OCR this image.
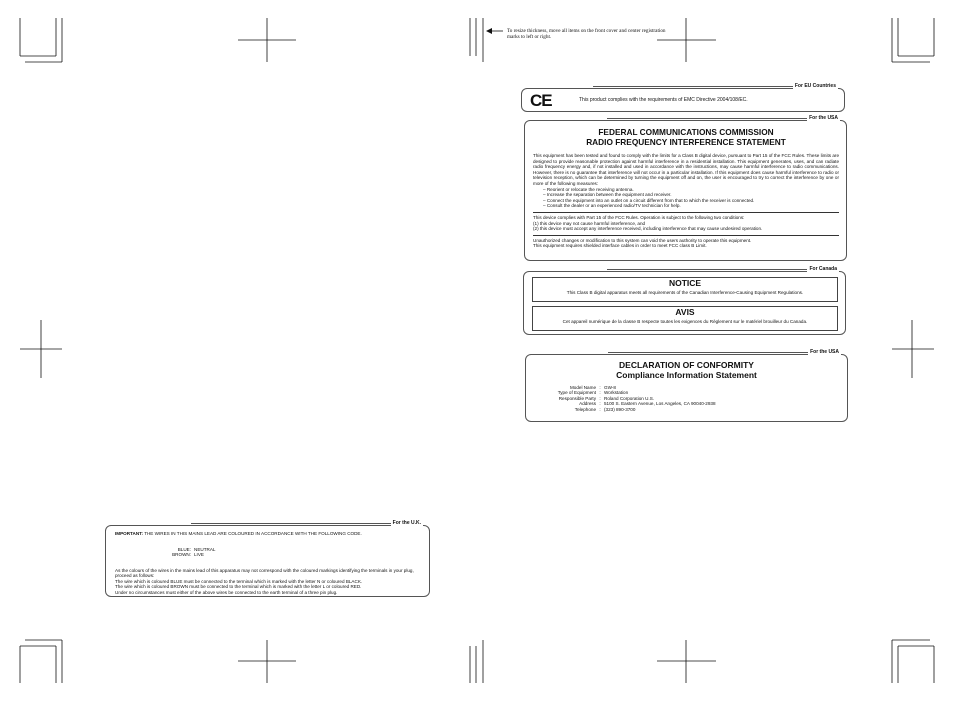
To resize thickness, move all items on the front cover and center registration marks to left or right.
For EU Countries
CE	This product complies with the requirements of EMC Directive 2004/108/EC.
For the USA
FEDERAL COMMUNICATIONS COMMISSION
RADIO FREQUENCY INTERFERENCE STATEMENT
This equipment has been tested and found to comply with the limits for a Class B digital device, pursuant to Part 15 of the FCC Rules. These limits are designed to provide reasonable protection against harmful interference in a residential installation. This equipment generates, uses, and can radiate radio frequency energy and, if not installed and used in accordance with the instructions, may cause harmful interference to radio communications. However, there is no guarantee that interference will not occur in a particular installation. If this equipment does cause harmful interference to radio or television reception, which can be determined by turning the equipment off and on, the user is encouraged to try to correct the interference by one or more of the following measures:
– Reorient or relocate the receiving antenna.
– Increase the separation between the equipment and receiver.
– Connect the equipment into an outlet on a circuit different from that to which the receiver is connected.
– Consult the dealer or an experienced radio/TV technician for help.
This device complies with Part 15 of the FCC Rules. Operation is subject to the following two conditions:
(1) this device may not cause harmful interference, and
(2) this device must accept any interference received, including interference that may cause undesired operation.
Unauthorized changes or modification to this system can void the users authority to operate this equipment.
This equipment requires shielded interface cables in order to meet FCC class B Limit.
For Canada
NOTICE
This Class B digital apparatus meets all requirements of the Canadian Interference-Causing Equipment Regulations.
AVIS
Cet appareil numérique de la classe B respecte toutes les exigences du Règlement sur le matériel brouilleur du Canada.
For the USA
DECLARATION OF CONFORMITY
Compliance Information Statement
Model Name : GW-8
Type of Equipment : Workstation
Responsible Party : Roland Corporation U.S.
Address : 5100 S. Eastern Avenue, Los Angeles, CA 90040-2938
Telephone : (323) 890-3700
For the U.K.
IMPORTANT: THE WIRES IN THIS MAINS LEAD ARE COLOURED IN ACCORDANCE WITH THE FOLLOWING CODE.
BLUE: NEUTRAL
BROWN: LIVE
As the colours of the wires in the mains lead of this apparatus may not correspond with the coloured markings identifying the terminals in your plug, proceed as follows:
The wire which is coloured BLUE must be connected to the terminal which is marked with the letter N or coloured BLACK.
The wire which is coloured BROWN must be connected to the terminal which is marked with the letter L or coloured RED.
Under no circumstances must either of the above wires be connected to the earth terminal of a three pin plug.
